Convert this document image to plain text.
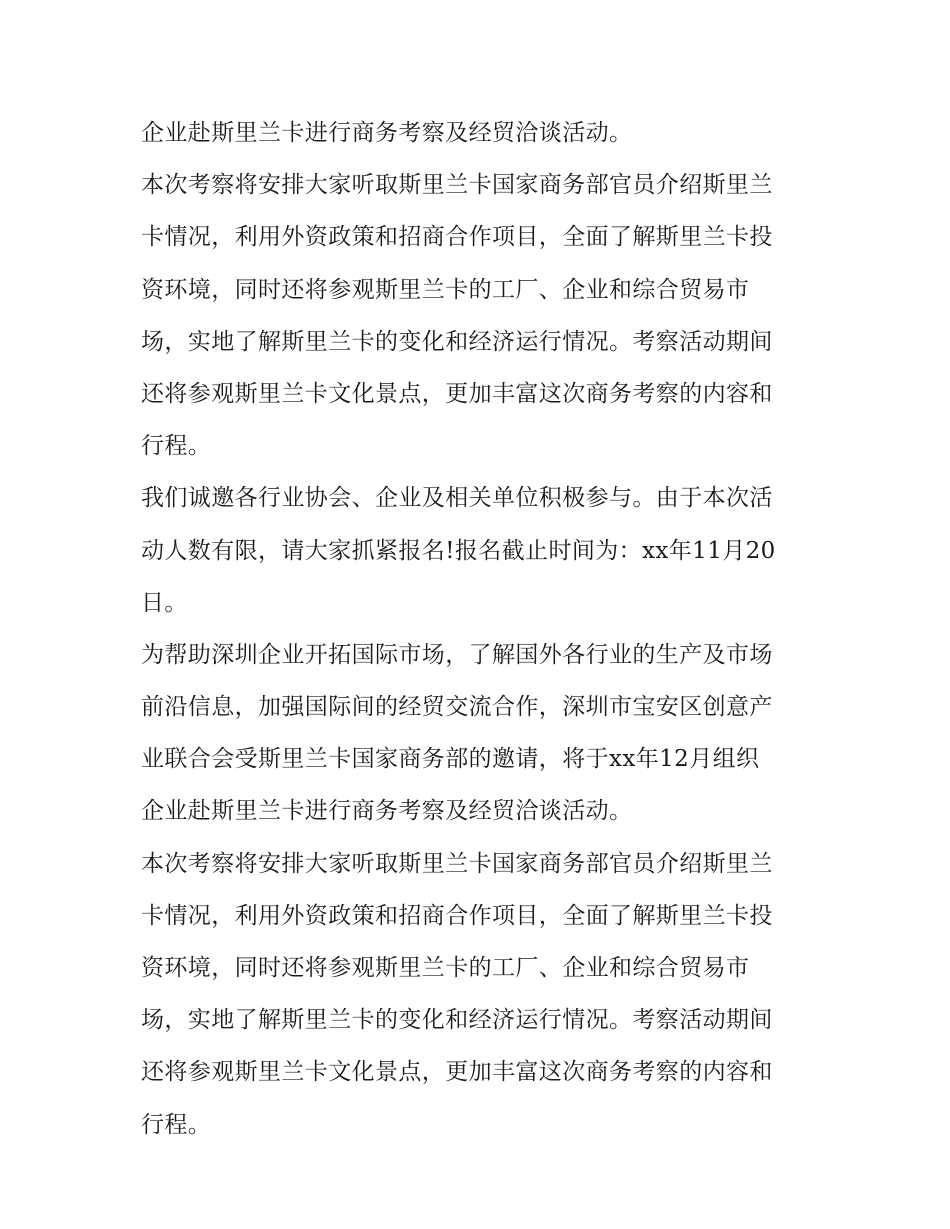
企业赴斯里兰卡进行商务考察及经贸洽谈活动。
本次考察将安排大家听取斯里兰卡国家商务部官员介绍斯里兰
卡情况，利用外资政策和招商合作项目，全面了解斯里兰卡投
资环境，同时还将参观斯里兰卡的工厂、企业和综合贸易市
场，实地了解斯里兰卡的变化和经济运行情况。考察活动期间
还将参观斯里兰卡文化景点，更加丰富这次商务考察的内容和
行程。
我们诚邀各行业协会、企业及相关单位积极参与。由于本次活
动人数有限，请大家抓紧报名!报名截止时间为：xx年11月20
日。
为帮助深圳企业开拓国际市场，了解国外各行业的生产及市场
前沿信息，加强国际间的经贸交流合作，深圳市宝安区创意产
业联合会受斯里兰卡国家商务部的邀请，将于xx年12月组织
企业赴斯里兰卡进行商务考察及经贸洽谈活动。
本次考察将安排大家听取斯里兰卡国家商务部官员介绍斯里兰
卡情况，利用外资政策和招商合作项目，全面了解斯里兰卡投
资环境，同时还将参观斯里兰卡的工厂、企业和综合贸易市
场，实地了解斯里兰卡的变化和经济运行情况。考察活动期间
还将参观斯里兰卡文化景点，更加丰富这次商务考察的内容和
行程。
